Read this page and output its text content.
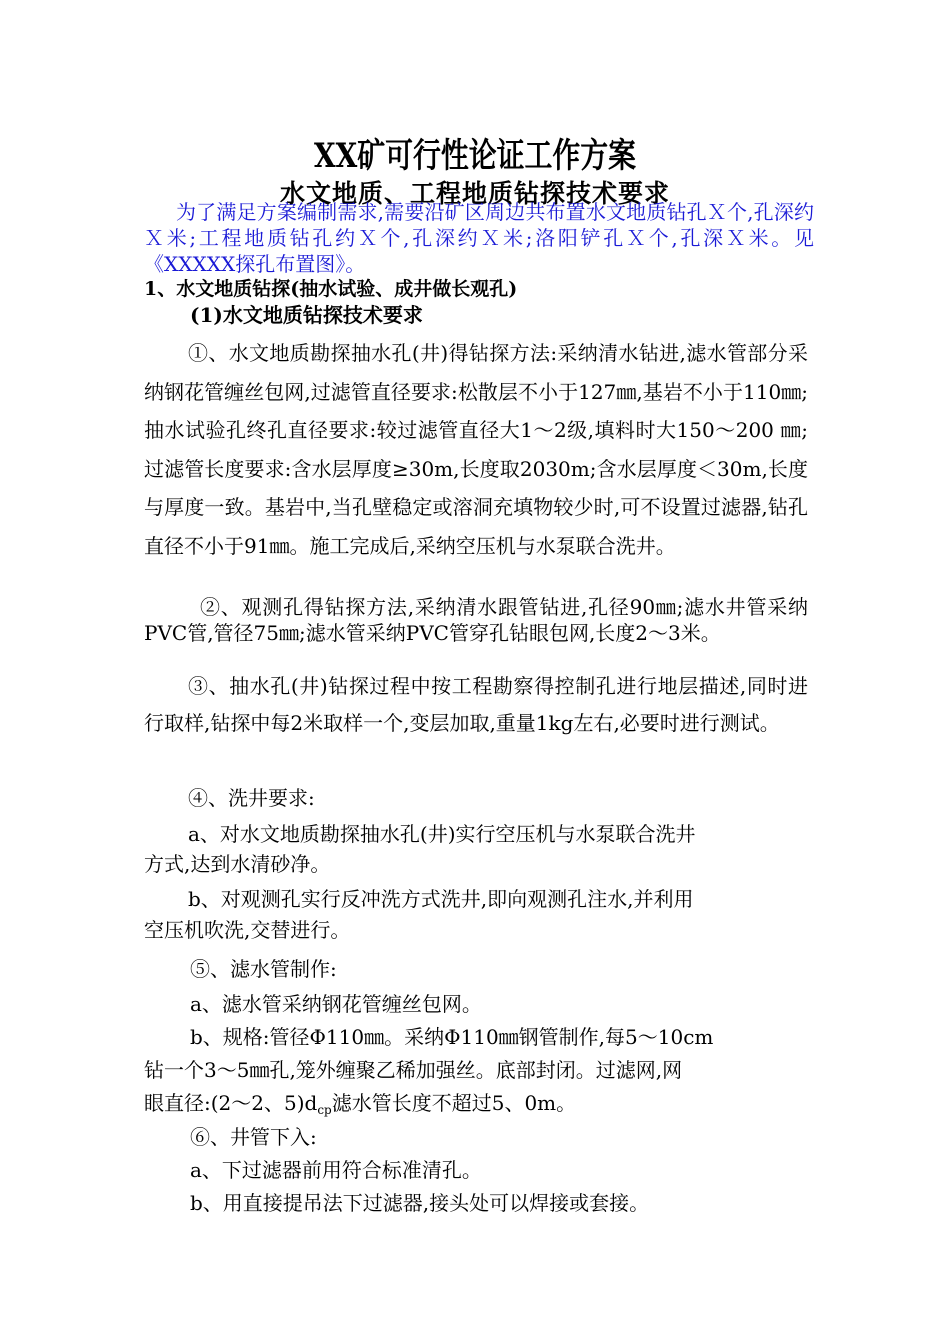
XX矿可行性论证工作方案
水文地质、工程地质钻探技术要求
为了满足方案编制需求,需要沿矿区周边共布置水文地质钻孔Ｘ个,孔深约Ｘ米;工程地质钻孔约Ｘ个,孔深约Ｘ米;洛阳铲孔Ｘ个,孔深Ｘ米。见《XXXXX探孔布置图》。
1、水文地质钻探(抽水试验、成井做长观孔)
(1)水文地质钻探技术要求
①、水文地质勘探抽水孔(井)得钻探方法:采纳清水钻进,滤水管部分采纳钢花管缠丝包网,过滤管直径要求:松散层不小于127㎜,基岩不小于110㎜;抽水试验孔终孔直径要求:较过滤管直径大1～2级,填料时大150～200 ㎜;过滤管长度要求:含水层厚度≥30m,长度取2030m;含水层厚度＜30m,长度与厚度一致。基岩中,当孔壁稳定或溶洞充填物较少时,可不设置过滤器,钻孔直径不小于91㎜。施工完成后,采纳空压机与水泵联合洗井。
②、观测孔得钻探方法,采纳清水跟管钻进,孔径90㎜;滤水井管采纳PVC管,管径75㎜;滤水管采纳PVC管穿孔钻眼包网,长度2～3米。
③、抽水孔(井)钻探过程中按工程勘察得控制孔进行地层描述,同时进行取样,钻探中每2米取样一个,变层加取,重量1kg左右,必要时进行测试。
④、洗井要求:
a、对水文地质勘探抽水孔(井)实行空压机与水泵联合洗井
方式,达到水清砂净。
b、对观测孔实行反冲洗方式洗井,即向观测孔注水,并利用
空压机吹洗,交替进行。
⑤、滤水管制作:
a、滤水管采纳钢花管缠丝包网。
b、规格:管径Φ110㎜。采纳Φ110㎜钢管制作,每5～10cm
钻一个3～5㎜孔,笼外缠聚乙稀加强丝。底部封闭。过滤网,网
眼直径:(2～2、$5)d_{cp}$滤水管长度不超过5、0m。
⑥、井管下入:
a、下过滤器前用符合标准清孔。
b、用直接提吊法下过滤器,接头处可以焊接或套接。
